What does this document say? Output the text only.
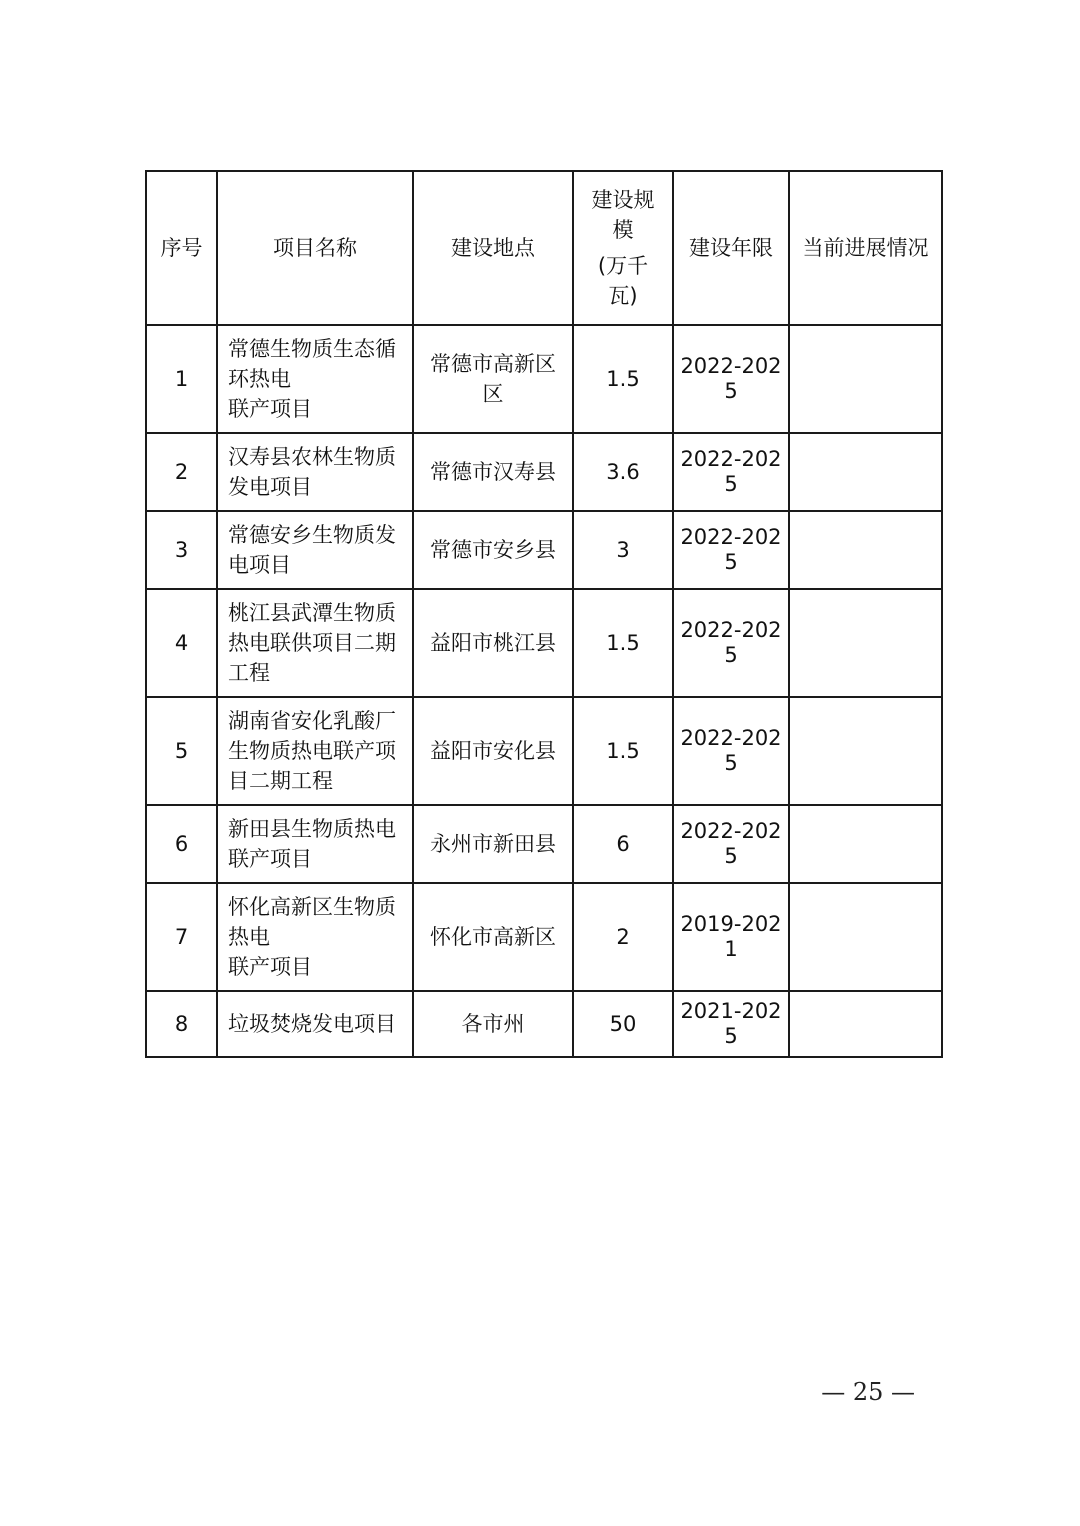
序号	项目名称	建设地点	建设规
模
(万千
瓦)	建设年限	当前进展情况

1	常德生物质生态循
环热电
联产项目	常德市高新区
区	1.5	2022-202
5	

2	汉寿县农林生物质
发电项目	常德市汉寿县	3.6	2022-202
5	

3	常德安乡生物质发
电项目	常德市安乡县	3	2022-202
5	

4	桃江县武潭生物质
热电联供项目二期
工程	益阳市桃江县	1.5	2022-202
5	

5	湖南省安化乳酸厂
生物质热电联产项
目二期工程	益阳市安化县	1.5	2022-202
5	

6	新田县生物质热电
联产项目	永州市新田县	6	2022-202
5	

7	怀化高新区生物质
热电
联产项目	怀化市高新区	2	2019-202
1	

8	垃圾焚烧发电项目	各市州	50	2021-202
5	

— 25 —
